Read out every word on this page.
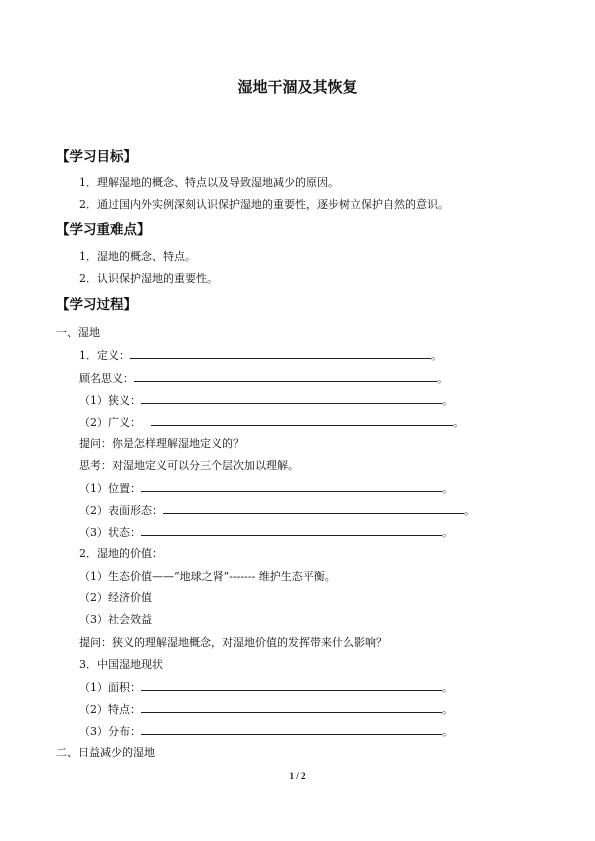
湿地干涸及其恢复
【学习目标】
1．理解湿地的概念、特点以及导致湿地减少的原因。
2．通过国内外实例深刻认识保护湿地的重要性，逐步树立保护自然的意识。
【学习重难点】
1．湿地的概念、特点。
2．认识保护湿地的重要性。
【学习过程】
一、湿地
1．定义：	。
顾名思义：	。
（1）狭义：	。
（2）广义：	。
提问：你是怎样理解湿地定义的？
思考：对湿地定义可以分三个层次加以理解。
（1）位置：	。
（2）表面形态：	。
（3）状态：	。
2．湿地的价值：
（1）生态价值——“地球之肾”------- 维护生态平衡。
（2）经济价值
（3）社会效益
提问：狭义的理解湿地概念，对湿地价值的发挥带来什么影响？
3．中国湿地现状
（1）面积：	。
（2）特点：	。
（3）分布：	。
二、日益减少的湿地
1 / 2
